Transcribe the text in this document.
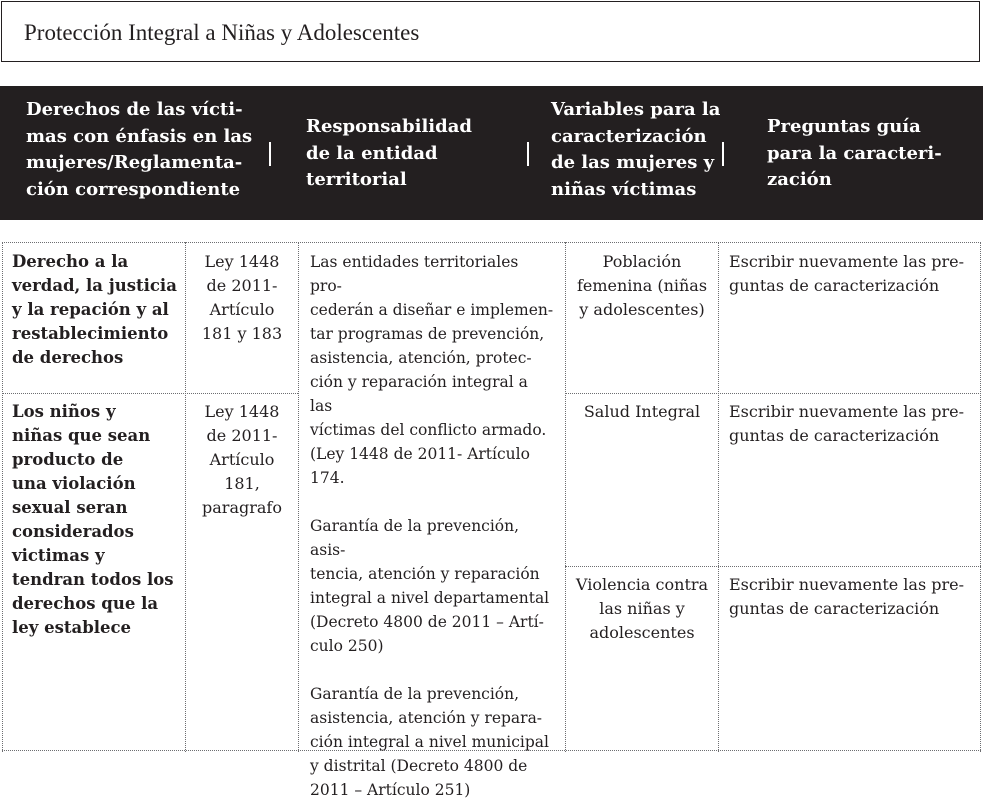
Protección Integral a Niñas y Adolescentes
Derechos de las vícti-
mas con énfasis en las
mujeres/Reglamenta-
ción correspondiente
Responsabilidad
de la entidad
territorial
Variables para la
caracterización
de las mujeres y
niñas víctimas
Preguntas guía
para la caracteri-
zación
Derecho a la
verdad, la justicia
y la repación y al
restablecimiento
de derechos
Ley 1448
de 2011-
Artículo
181 y 183
Los niños y
niñas que sean
producto de
una violación
sexual seran
considerados
victimas y
tendran todos los
derechos que la
ley establece
Ley 1448
de 2011-
Artículo
181,
paragrafo
Las entidades territoriales pro-
cederán a diseñar e implemen-
tar programas de prevención,
asistencia, atención, protec-
ción y reparación integral a las
víctimas del conflicto armado.
(Ley 1448 de 2011- Artículo 174.
Garantía de la prevención, asis-
tencia, atención y reparación
integral a nivel departamental
(Decreto 4800 de 2011 – Artí-
culo 250)
Garantía de la prevención,
asistencia, atención y repara-
ción integral a nivel municipal
y distrital (Decreto 4800 de
2011 – Artículo 251)
Población
femenina (niñas
y adolescentes)
Salud Integral
Violencia contra
las niñas y
adolescentes
Escribir nuevamente las pre-
guntas de caracterización
Escribir nuevamente las pre-
guntas de caracterización
Escribir nuevamente las pre-
guntas de caracterización
